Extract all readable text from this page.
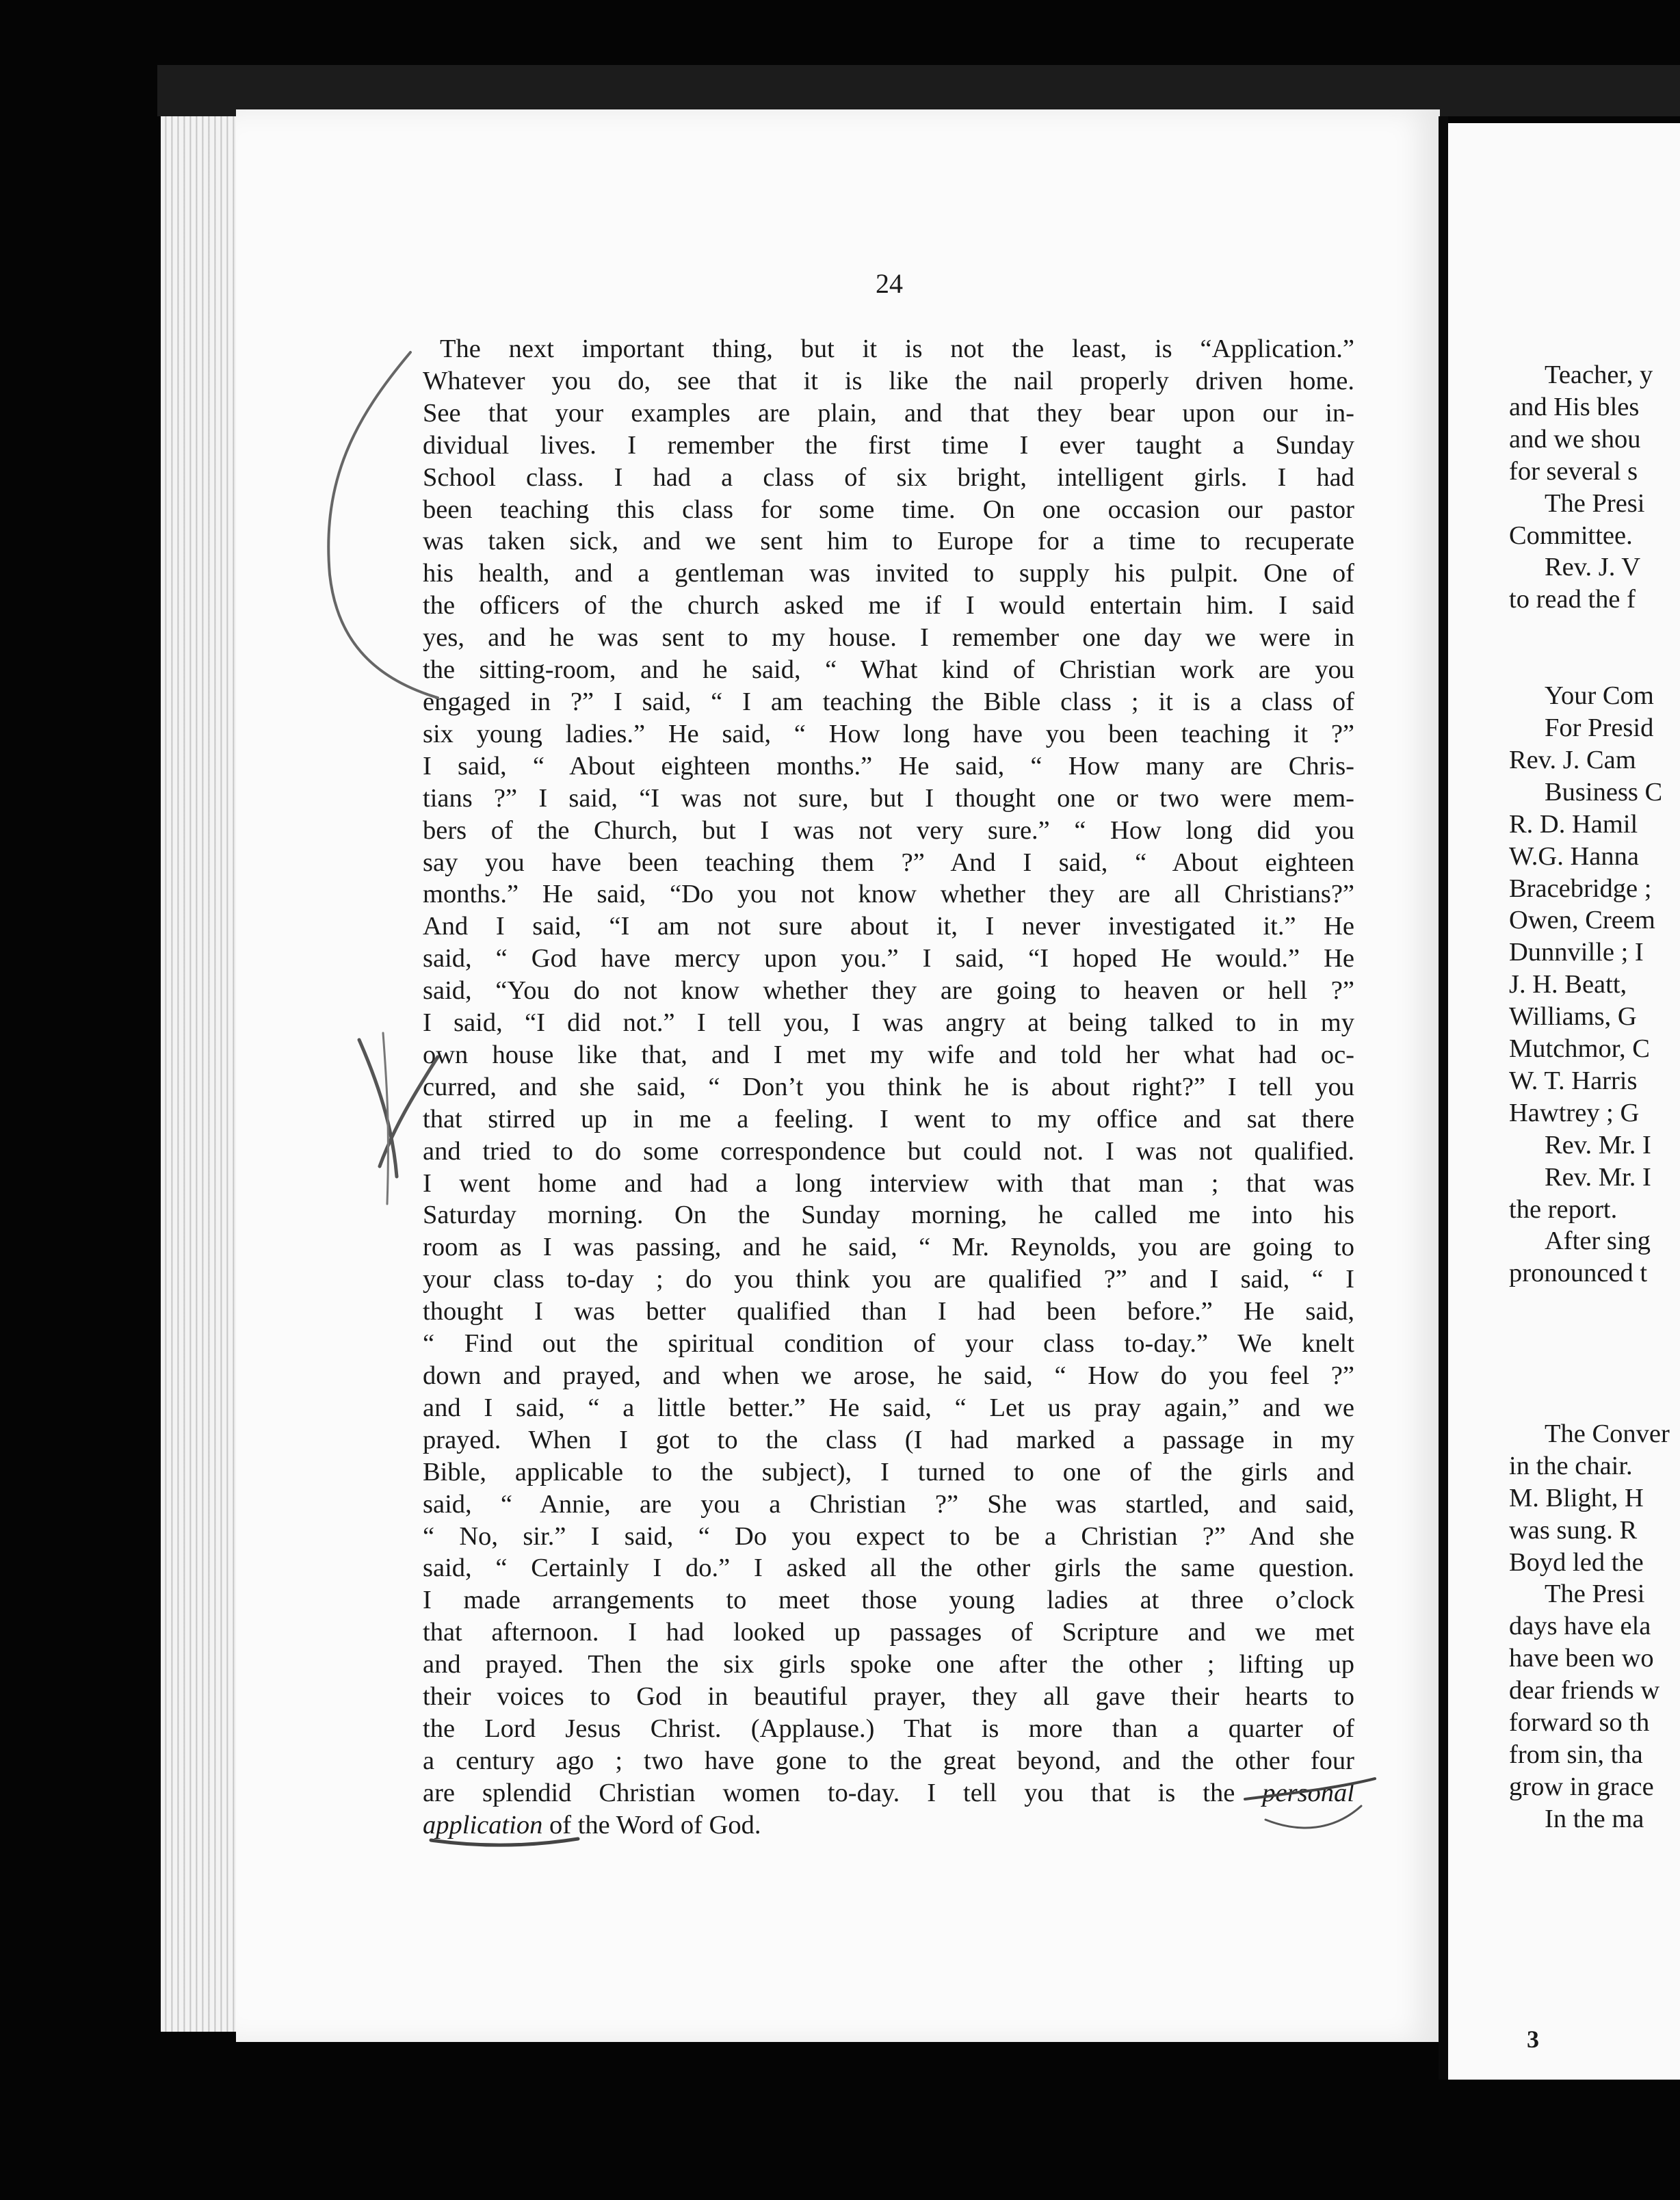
24
The next important thing, but it is not the least, is “Application.”
Whatever you do, see that it is like the nail properly driven home.
See that your examples are plain, and that they bear upon our in-
dividual lives. I remember the first time I ever taught a Sunday
School class. I had a class of six bright, intelligent girls. I had
been teaching this class for some time. On one occasion our pastor
was taken sick, and we sent him to Europe for a time to recuperate
his health, and a gentleman was invited to supply his pulpit. One of
the officers of the church asked me if I would entertain him. I said
yes, and he was sent to my house. I remember one day we were in
the sitting-room, and he said, “ What kind of Christian work are you
engaged in ?” I said, “ I am teaching the Bible class ; it is a class of
six young ladies.” He said, “ How long have you been teaching it ?”
I said, “ About eighteen months.” He said, “ How many are Chris-
tians ?” I said, “I was not sure, but I thought one or two were mem-
bers of the Church, but I was not very sure.” “ How long did you
say you have been teaching them ?” And I said, “ About eighteen
months.” He said, “Do you not know whether they are all Christians?”
And I said, “I am not sure about it, I never investigated it.” He
said, “ God have mercy upon you.” I said, “I hoped He would.” He
said, “You do not know whether they are going to heaven or hell ?”
I said, “I did not.” I tell you, I was angry at being talked to in my
own house like that, and I met my wife and told her what had oc-
curred, and she said, “ Don’t you think he is about right?” I tell you
that stirred up in me a feeling. I went to my office and sat there
and tried to do some correspondence but could not. I was not qualified.
I went home and had a long interview with that man ; that was
Saturday morning. On the Sunday morning, he called me into his
room as I was passing, and he said, “ Mr. Reynolds, you are going to
your class to-day ; do you think you are qualified ?” and I said, “ I
thought I was better qualified than I had been before.” He said,
“ Find out the spiritual condition of your class to-day.” We knelt
down and prayed, and when we arose, he said, “ How do you feel ?”
and I said, “ a little better.” He said, “ Let us pray again,” and we
prayed. When I got to the class (I had marked a passage in my
Bible, applicable to the subject), I turned to one of the girls and
said, “ Annie, are you a Christian ?” She was startled, and said,
“ No, sir.” I said, “ Do you expect to be a Christian ?” And she
said, “ Certainly I do.” I asked all the other girls the same question.
I made arrangements to meet those young ladies at three o’clock
that afternoon. I had looked up passages of Scripture and we met
and prayed. Then the six girls spoke one after the other ; lifting up
their voices to God in beautiful prayer, they all gave their hearts to
the Lord Jesus Christ. (Applause.) That is more than a quarter of
a century ago ; two have gone to the great beyond, and the other four
are splendid Christian women to-day. I tell you that is the personal
application of the Word of God.
Teacher, y
and His bles
and we shou
for several s
The Presi
Committee.
Rev. J. V
to read the f

Your Com
For Presid
Rev. J. Cam
Business C
R. D. Hamil
W.G. Hanna
Bracebridge ;
Owen, Creem
Dunnville ; I
J. H. Beatt,
Williams, G
Mutchmor, C
W. T. Harris
Hawtrey ; G
Rev. Mr. I
Rev. Mr. I
the report.
After sing
pronounced t

The Conver
in the chair.
M. Blight, H
was sung. R
Boyd led the
The Presi
days have ela
have been wo
dear friends w
forward so th
from sin, tha
grow in grace
In the ma
3
